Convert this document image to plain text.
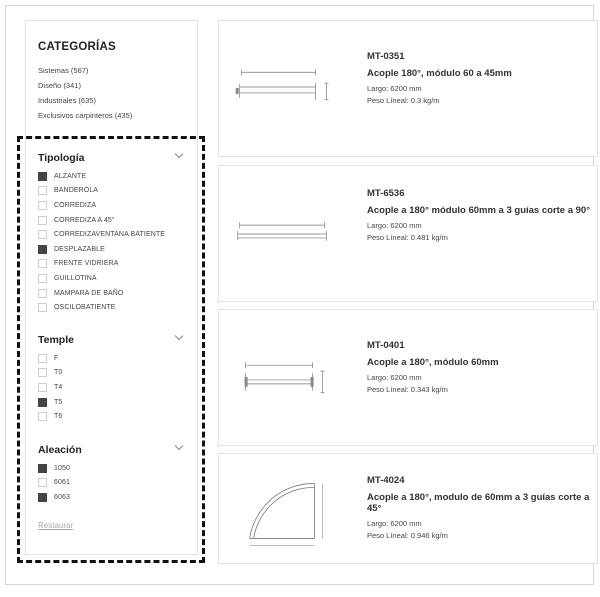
CATEGORÍAS
Sistemas (567)
Diseño (341)
Industriales (635)
Exclusivos carpinteros (435)
Tipología
ALZANTE
BANDEROLA
CORREDIZA
CORREDIZA A 45°
CORREDIZAVENTANA BATIENTE
DESPLAZABLE
FRENTE VIDRIERA
GUILLOTINA
MAMPARA DE BAÑO
OSCILOBATIENTE
Temple
F
T0
T4
T5
T6
Aleación
1050
6061
6063
Restaurar
MT-0351
Acople 180°, módulo 60 a 45mm
Largo: 6200 mm
Peso Líneal: 0.3 kg/m
MT-6536
Acople a 180° módulo 60mm a 3 guías corte a 90°
Largo: 6200 mm
Peso Líneal: 0.481 kg/m
MT-0401
Acople a 180°, módulo 60mm
Largo: 6200 mm
Peso Líneal: 0.343 kg/m
MT-4024
Acople a 180°, modulo de 60mm a 3 guías corte a 45°
Largo: 6200 mm
Peso Líneal: 0.946 kg/m
